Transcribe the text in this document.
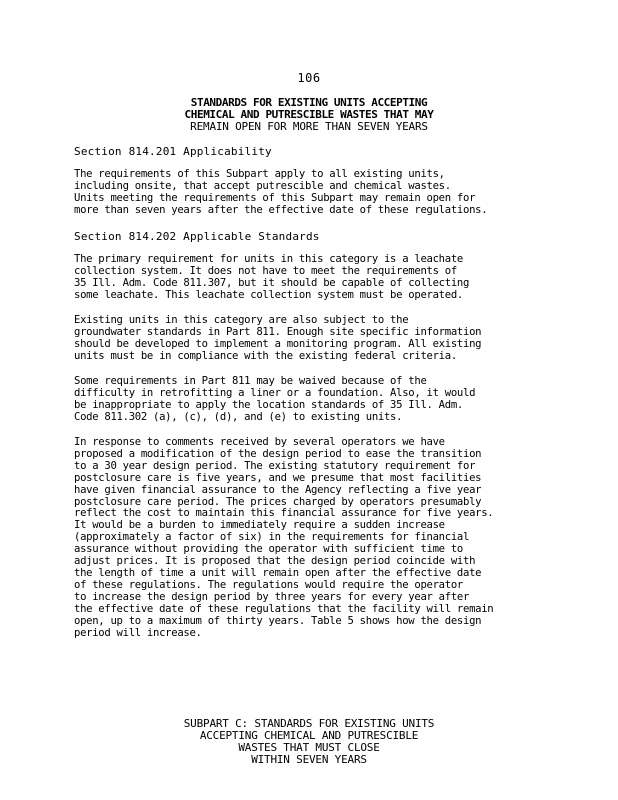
106
STANDARDS FOR EXISTING UNITS ACCEPTING
CHEMICAL AND PUTRESCIBLE WASTES THAT MAY
REMAIN OPEN FOR MORE THAN SEVEN YEARS
Section 814.201 Applicability
The requirements of this Subpart apply to all existing units,
including onsite, that accept putrescible and chemical wastes.
Units meeting the requirements of this Subpart may remain open for
more than seven years after the effective date of these regulations.
Section 814.202 Applicable Standards
The primary requirement for units in this category is a leachate
collection system. It does not have to meet the requirements of
35 Ill. Adm. Code 811.307, but it should be capable of collecting
some leachate. This leachate collection system must be operated.
Existing units in this category are also subject to the
groundwater standards in Part 811. Enough site specific information
should be developed to implement a monitoring program. All existing
units must be in compliance with the existing federal criteria.
Some requirements in Part 811 may be waived because of the
difficulty in retrofitting a liner or a foundation. Also, it would
be inappropriate to apply the location standards of 35 Ill. Adm.
Code 811.302 (a), (c), (d), and (e) to existing units.
In response to comments received by several operators we have
proposed a modification of the design period to ease the transition
to a 30 year design period. The existing statutory requirement for
postclosure care is five years, and we presume that most facilities
have given financial assurance to the Agency reflecting a five year
postclosure care period. The prices charged by operators presumably
reflect the cost to maintain this financial assurance for five years.
It would be a burden to immediately require a sudden increase
(approximately a factor of six) in the requirements for financial
assurance without providing the operator with sufficient time to
adjust prices. It is proposed that the design period coincide with
the length of time a unit will remain open after the effective date
of these regulations. The regulations would require the operator
to increase the design period by three years for every year after
the effective date of these regulations that the facility will remain
open, up to a maximum of thirty years. Table 5 shows how the design
period will increase.
SUBPART C: STANDARDS FOR EXISTING UNITS
ACCEPTING CHEMICAL AND PUTRESCIBLE
WASTES THAT MUST CLOSE
WITHIN SEVEN YEARS
